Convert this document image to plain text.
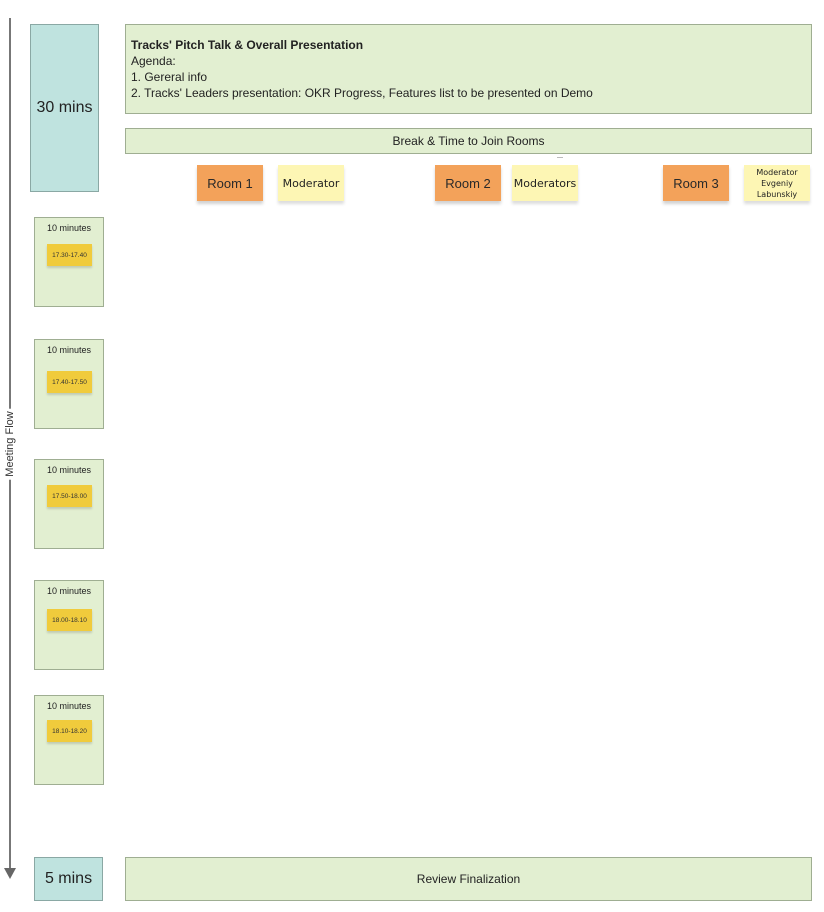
Meeting Flow
30 mins
Tracks' Pitch Talk & Overall Presentation
Agenda:
1. Gereral info
2. Tracks' Leaders presentation: OKR Progress, Features list to be presented on Demo
Break & Time to Join Rooms
Room 1	Moderator	Room 2	Moderators	Room 3
Moderator
Evgeniy Labunskiy
10 minutes
17.30-17.40
10 minutes
17.40-17.50
10 minutes
17.50-18.00
10 minutes
18.00-18.10
10 minutes
18.10-18.20
5 mins	Review Finalization
